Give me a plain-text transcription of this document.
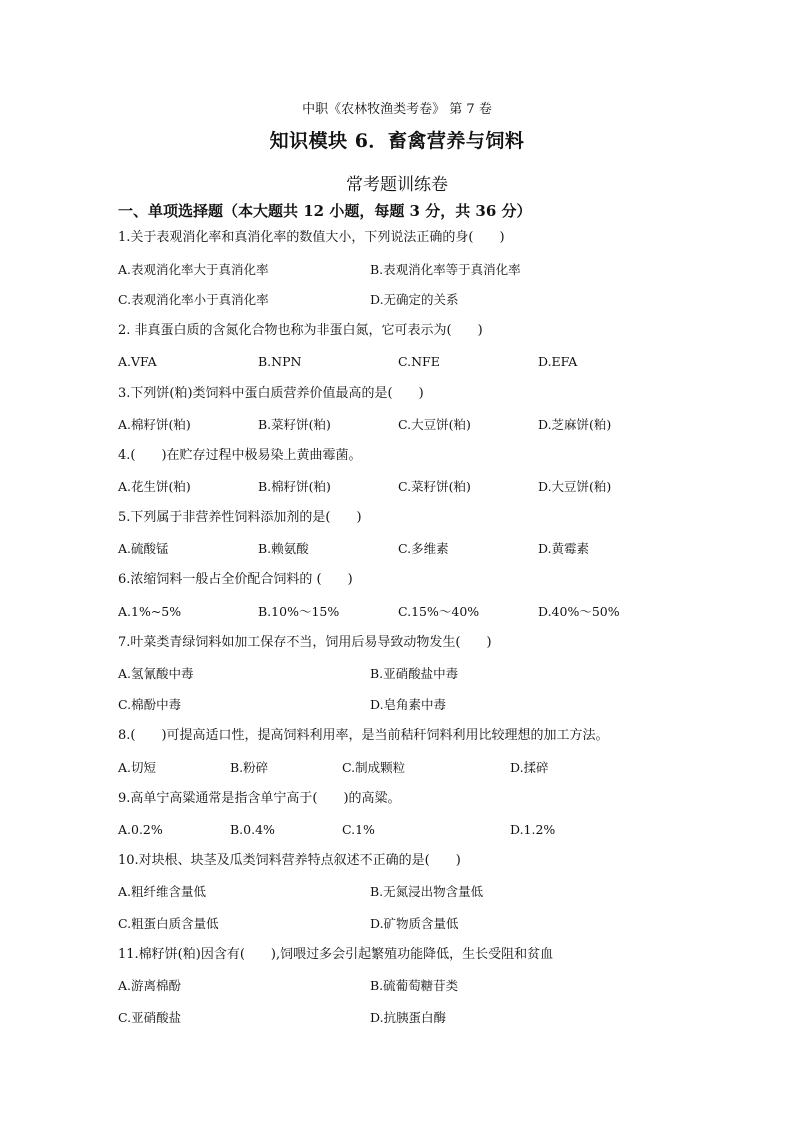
中职《农林牧渔类考卷》 第 7 卷
知识模块 6．畜禽营养与饲料
常考题训练卷
一、单项选择题（本大题共 12 小题，每题 3 分，共 36 分）
1.关于表观消化率和真消化率的数值大小，下列说法正确的身(　　)
A.表观消化率大于真消化率	B.表观消化率等于真消化率
C.表观消化率小于真消化率	D.无确定的关系
2. 非真蛋白质的含氮化合物也称为非蛋白氮，它可表示为(　　)
A.VFA	B.NPN	C.NFE	D.EFA
3.下列饼(粕)类饲料中蛋白质营养价值最高的是(　　)
A.棉籽饼(粕)	B.菜籽饼(粕)	C.大豆饼(粕)	D.芝麻饼(粕)
4.(　　)在贮存过程中极易染上黄曲霉菌。
A.花生饼(粕)	B.棉籽饼(粕)	C.菜籽饼(粕)	D.大豆饼(粕)
5.下列属于非营养性饲料添加剂的是(　　)
A.硫酸锰	B.赖氨酸	C.多维素	D.黄霉素
6.浓缩饲料一般占全价配合饲料的 (　　)
A.1%~5%	B.10%～15%	C.15%～40%	D.40%～50%
7.叶菜类青绿饲料如加工保存不当，饲用后易导致动物发生(　　)
A.氢氰酸中毒	B.亚硝酸盐中毒
C.棉酚中毒	D.皂角素中毒
8.(　　)可提高适口性，提高饲料利用率，是当前秸秆饲料利用比较理想的加工方法。
A.切短	B.粉碎	C.制成颗粒	D.揉碎
9.高单宁高粱通常是指含单宁高于(　　)的高粱。
A.0.2%	B.0.4%	C.1%	D.1.2%
10.对块根、块茎及瓜类饲料营养特点叙述不正确的是(　　)
A.粗纤维含量低	B.无氮浸出物含量低
C.粗蛋白质含量低	D.矿物质含量低
11.棉籽饼(粕)因含有(　　),饲喂过多会引起繁殖功能降低，生长受阻和贫血
A.游离棉酚	B.硫葡萄糖苷类
C.亚硝酸盐	D.抗胰蛋白酶
